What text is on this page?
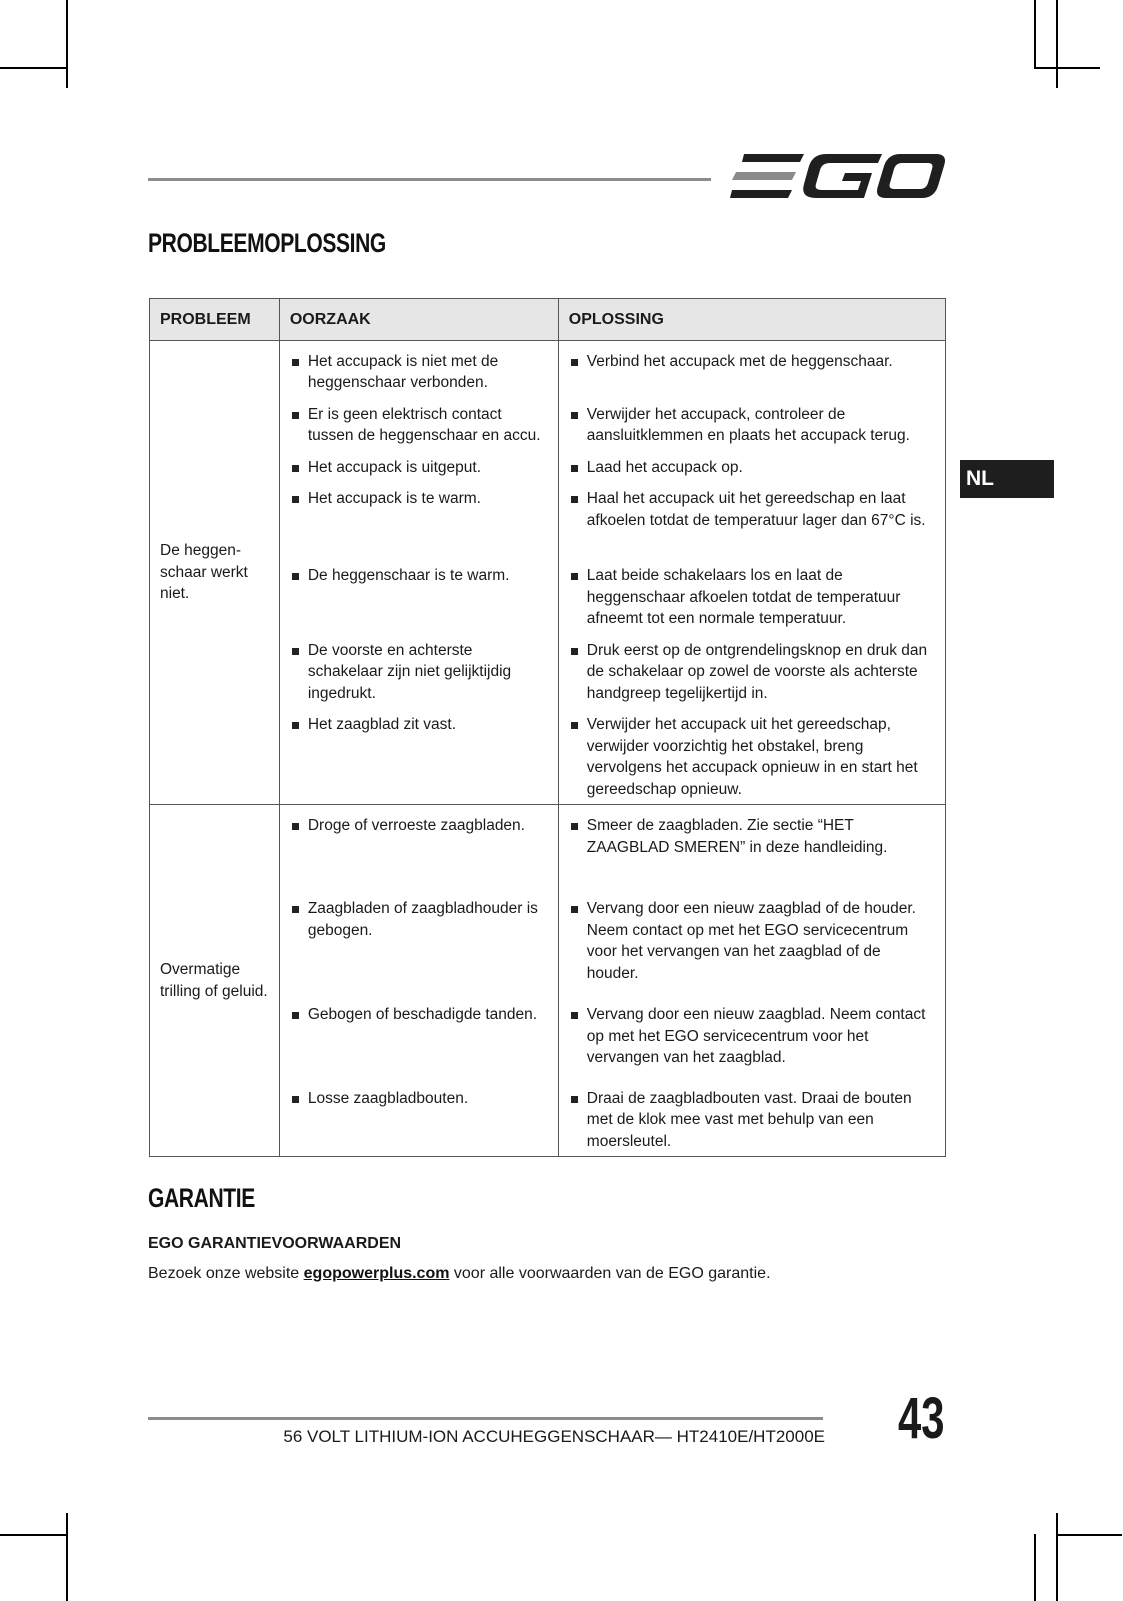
PROBLEEMOPLOSSING
NL
PROBLEEM	OORZAAK	OPLOSSING
De heggen-
schaar werkt
niet.	Het accupack is niet met de heggenschaar verbonden.	Verbind het accupack met de heggenschaar.

	Er is geen elektrisch contact tussen de heggenschaar en accu.	Verwijder het accupack, controleer de aansluitklemmen en plaats het accupack terug.

	Het accupack is uitgeput.	Laad het accupack op.

	Het accupack is te warm.	Haal het accupack uit het gereedschap en laat afkoelen totdat de temperatuur lager dan 67°C is.

	De heggenschaar is te warm.	Laat beide schakelaars los en laat de heggenschaar afkoelen totdat de temperatuur afneemt tot een normale temperatuur.

	De voorste en achterste schakelaar zijn niet gelijktijdig ingedrukt.	Druk eerst op de ontgrendelingsknop en druk dan de schakelaar op zowel de voorste als achterste handgreep tegelijkertijd in.

	Het zaagblad zit vast.	Verwijder het accupack uit het gereedschap, verwijder voorzichtig het obstakel, breng vervolgens het accupack opnieuw in en start het gereedschap opnieuw.

Overmatige
trilling of geluid.	Droge of verroeste zaagbladen.	Smeer de zaagbladen. Zie sectie “HET ZAAGBLAD SMEREN” in deze handleiding.

	Zaagbladen of zaagbladhouder is gebogen.	Vervang door een nieuw zaagblad of de houder. Neem contact op met het EGO servicecentrum voor het vervangen van het zaagblad of de houder.

	Gebogen of beschadigde tanden.	Vervang door een nieuw zaagblad. Neem contact op met het EGO servicecentrum voor het vervangen van het zaagblad.

	Losse zaagbladbouten.	Draai de zaagbladbouten vast. Draai de bouten met de klok mee vast met behulp van een moersleutel.
GARANTIE
EGO GARANTIEVOORWAARDEN
Bezoek onze website egopowerplus.com voor alle voorwaarden van de EGO garantie.
56 VOLT LITHIUM-ION ACCUHEGGENSCHAAR— HT2410E/HT2000E 43
